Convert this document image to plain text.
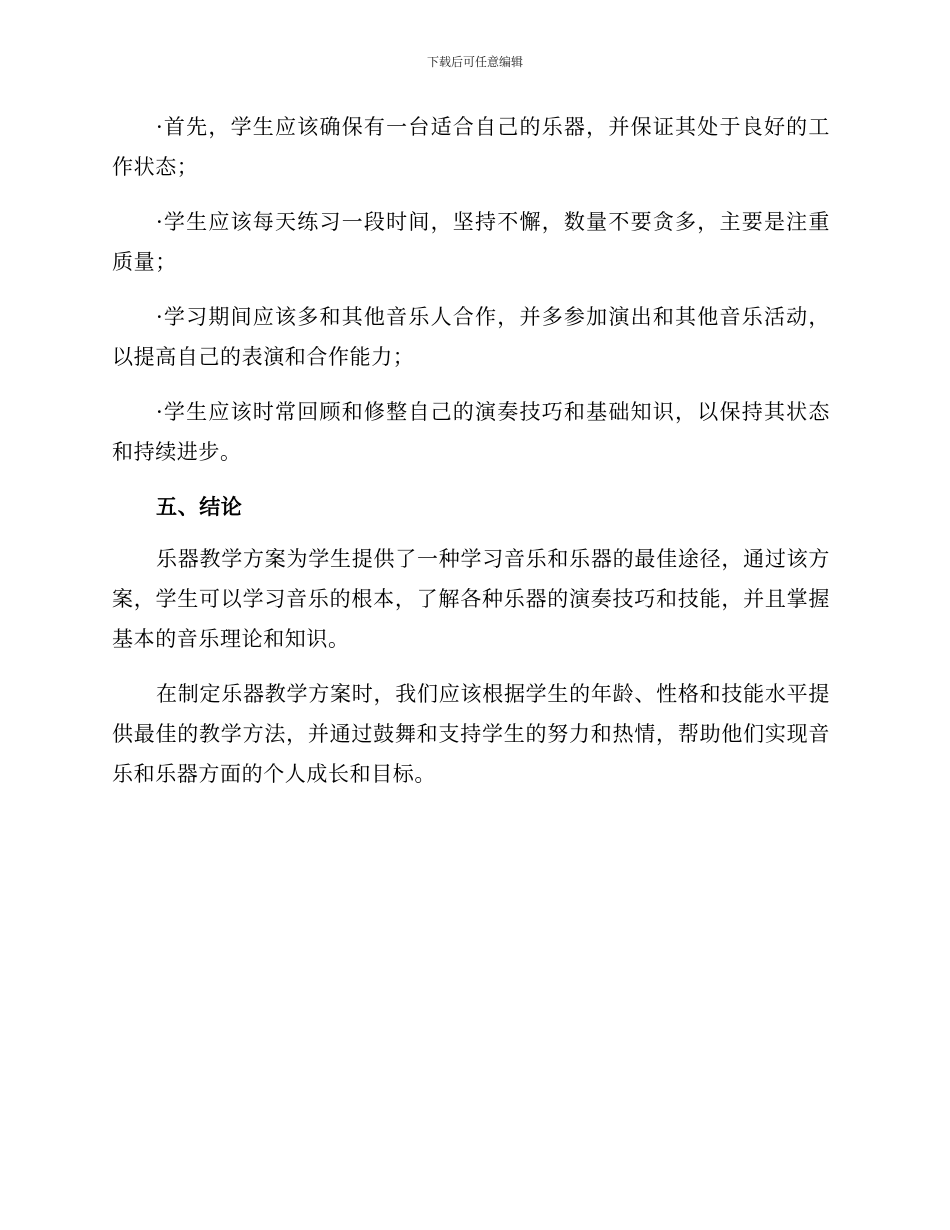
下载后可任意编辑

·首先，学生应该确保有一台适合自己的乐器，并保证其处于良好的工作状态；

·学生应该每天练习一段时间，坚持不懈，数量不要贪多，主要是注重质量；

·学习期间应该多和其他音乐人合作，并多参加演出和其他音乐活动，以提高自己的表演和合作能力；

·学生应该时常回顾和修整自己的演奏技巧和基础知识，以保持其状态和持续进步。

五、结论

乐器教学方案为学生提供了一种学习音乐和乐器的最佳途径，通过该方案，学生可以学习音乐的根本，了解各种乐器的演奏技巧和技能，并且掌握基本的音乐理论和知识。

在制定乐器教学方案时，我们应该根据学生的年龄、性格和技能水平提供最佳的教学方法，并通过鼓舞和支持学生的努力和热情，帮助他们实现音乐和乐器方面的个人成长和目标。
